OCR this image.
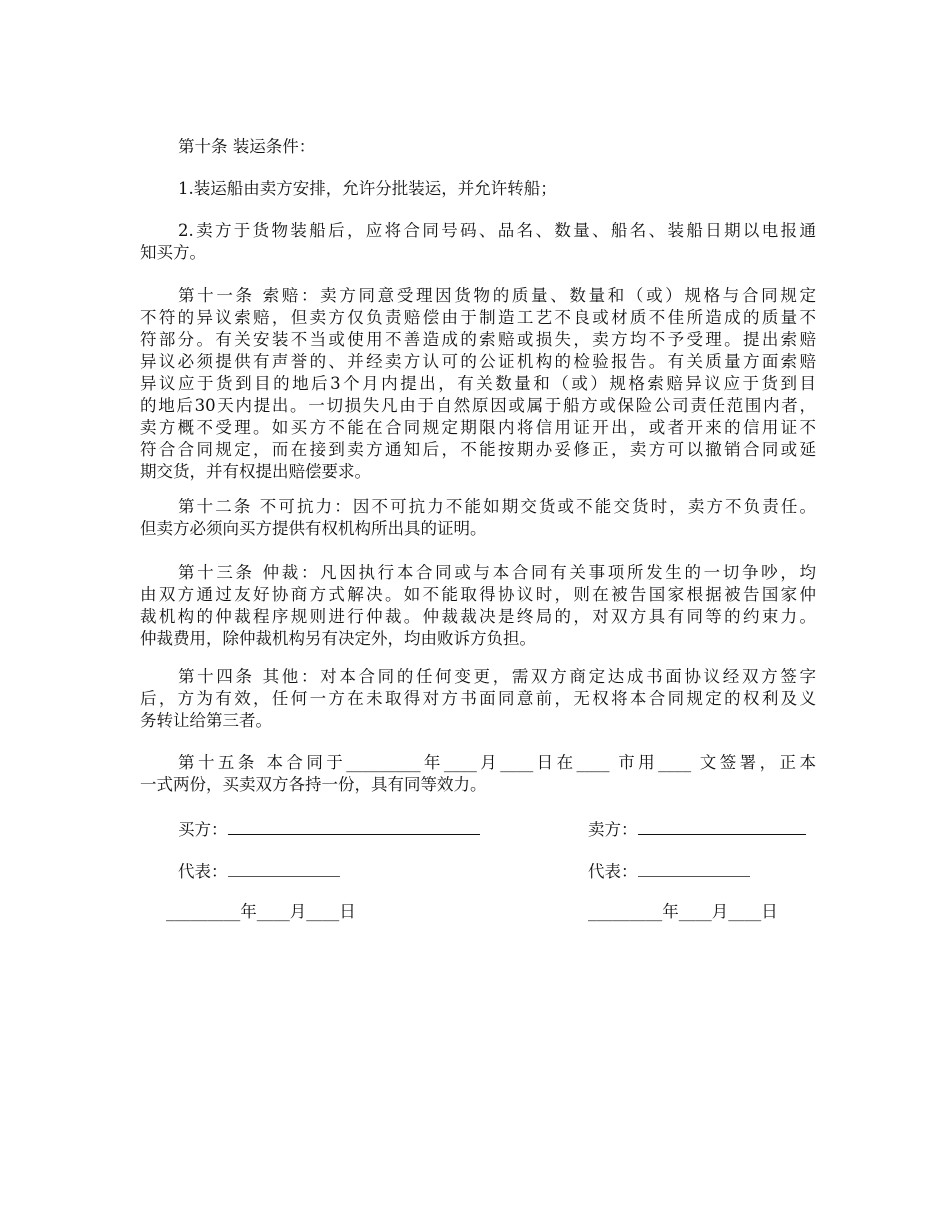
第十条 装运条件：

1.装运船由卖方安排，允许分批装运，并允许转船；

2.卖方于货物装船后，应将合同号码、品名、数量、船名、装船日期以电报通
知买方。

第十一条 索赔：卖方同意受理因货物的质量、数量和（或）规格与合同规定
不符的异议索赔，但卖方仅负责赔偿由于制造工艺不良或材质不佳所造成的质量不
符部分。有关安装不当或使用不善造成的索赔或损失，卖方均不予受理。提出索赔
异议必须提供有声誉的、并经卖方认可的公证机构的检验报告。有关质量方面索赔
异议应于货到目的地后3个月内提出，有关数量和（或）规格索赔异议应于货到目
的地后30天内提出。一切损失凡由于自然原因或属于船方或保险公司责任范围内者，
卖方概不受理。如买方不能在合同规定期限内将信用证开出，或者开来的信用证不
符合合同规定，而在接到卖方通知后，不能按期办妥修正，卖方可以撤销合同或延
期交货，并有权提出赔偿要求。

第十二条 不可抗力：因不可抗力不能如期交货或不能交货时，卖方不负责任。
但卖方必须向买方提供有权机构所出具的证明。

第十三条 仲裁：凡因执行本合同或与本合同有关事项所发生的一切争吵，均
由双方通过友好协商方式解决。如不能取得协议时，则在被告国家根据被告国家仲
裁机构的仲裁程序规则进行仲裁。仲裁裁决是终局的，对双方具有同等的约束力。
仲裁费用，除仲裁机构另有决定外，均由败诉方负担。

第十四条 其他：对本合同的任何变更，需双方商定达成书面协议经双方签字
后，方为有效，任何一方在未取得对方书面同意前，无权将本合同规定的权利及义
务转让给第三者。

第十五条 本合同于_________年____月____日在____ 市用____ 文签署，正本
一式两份，买卖双方各持一份，具有同等效力。

买方：	卖方：
代表：	代表：
_________年____月____日	_________年____月____日
